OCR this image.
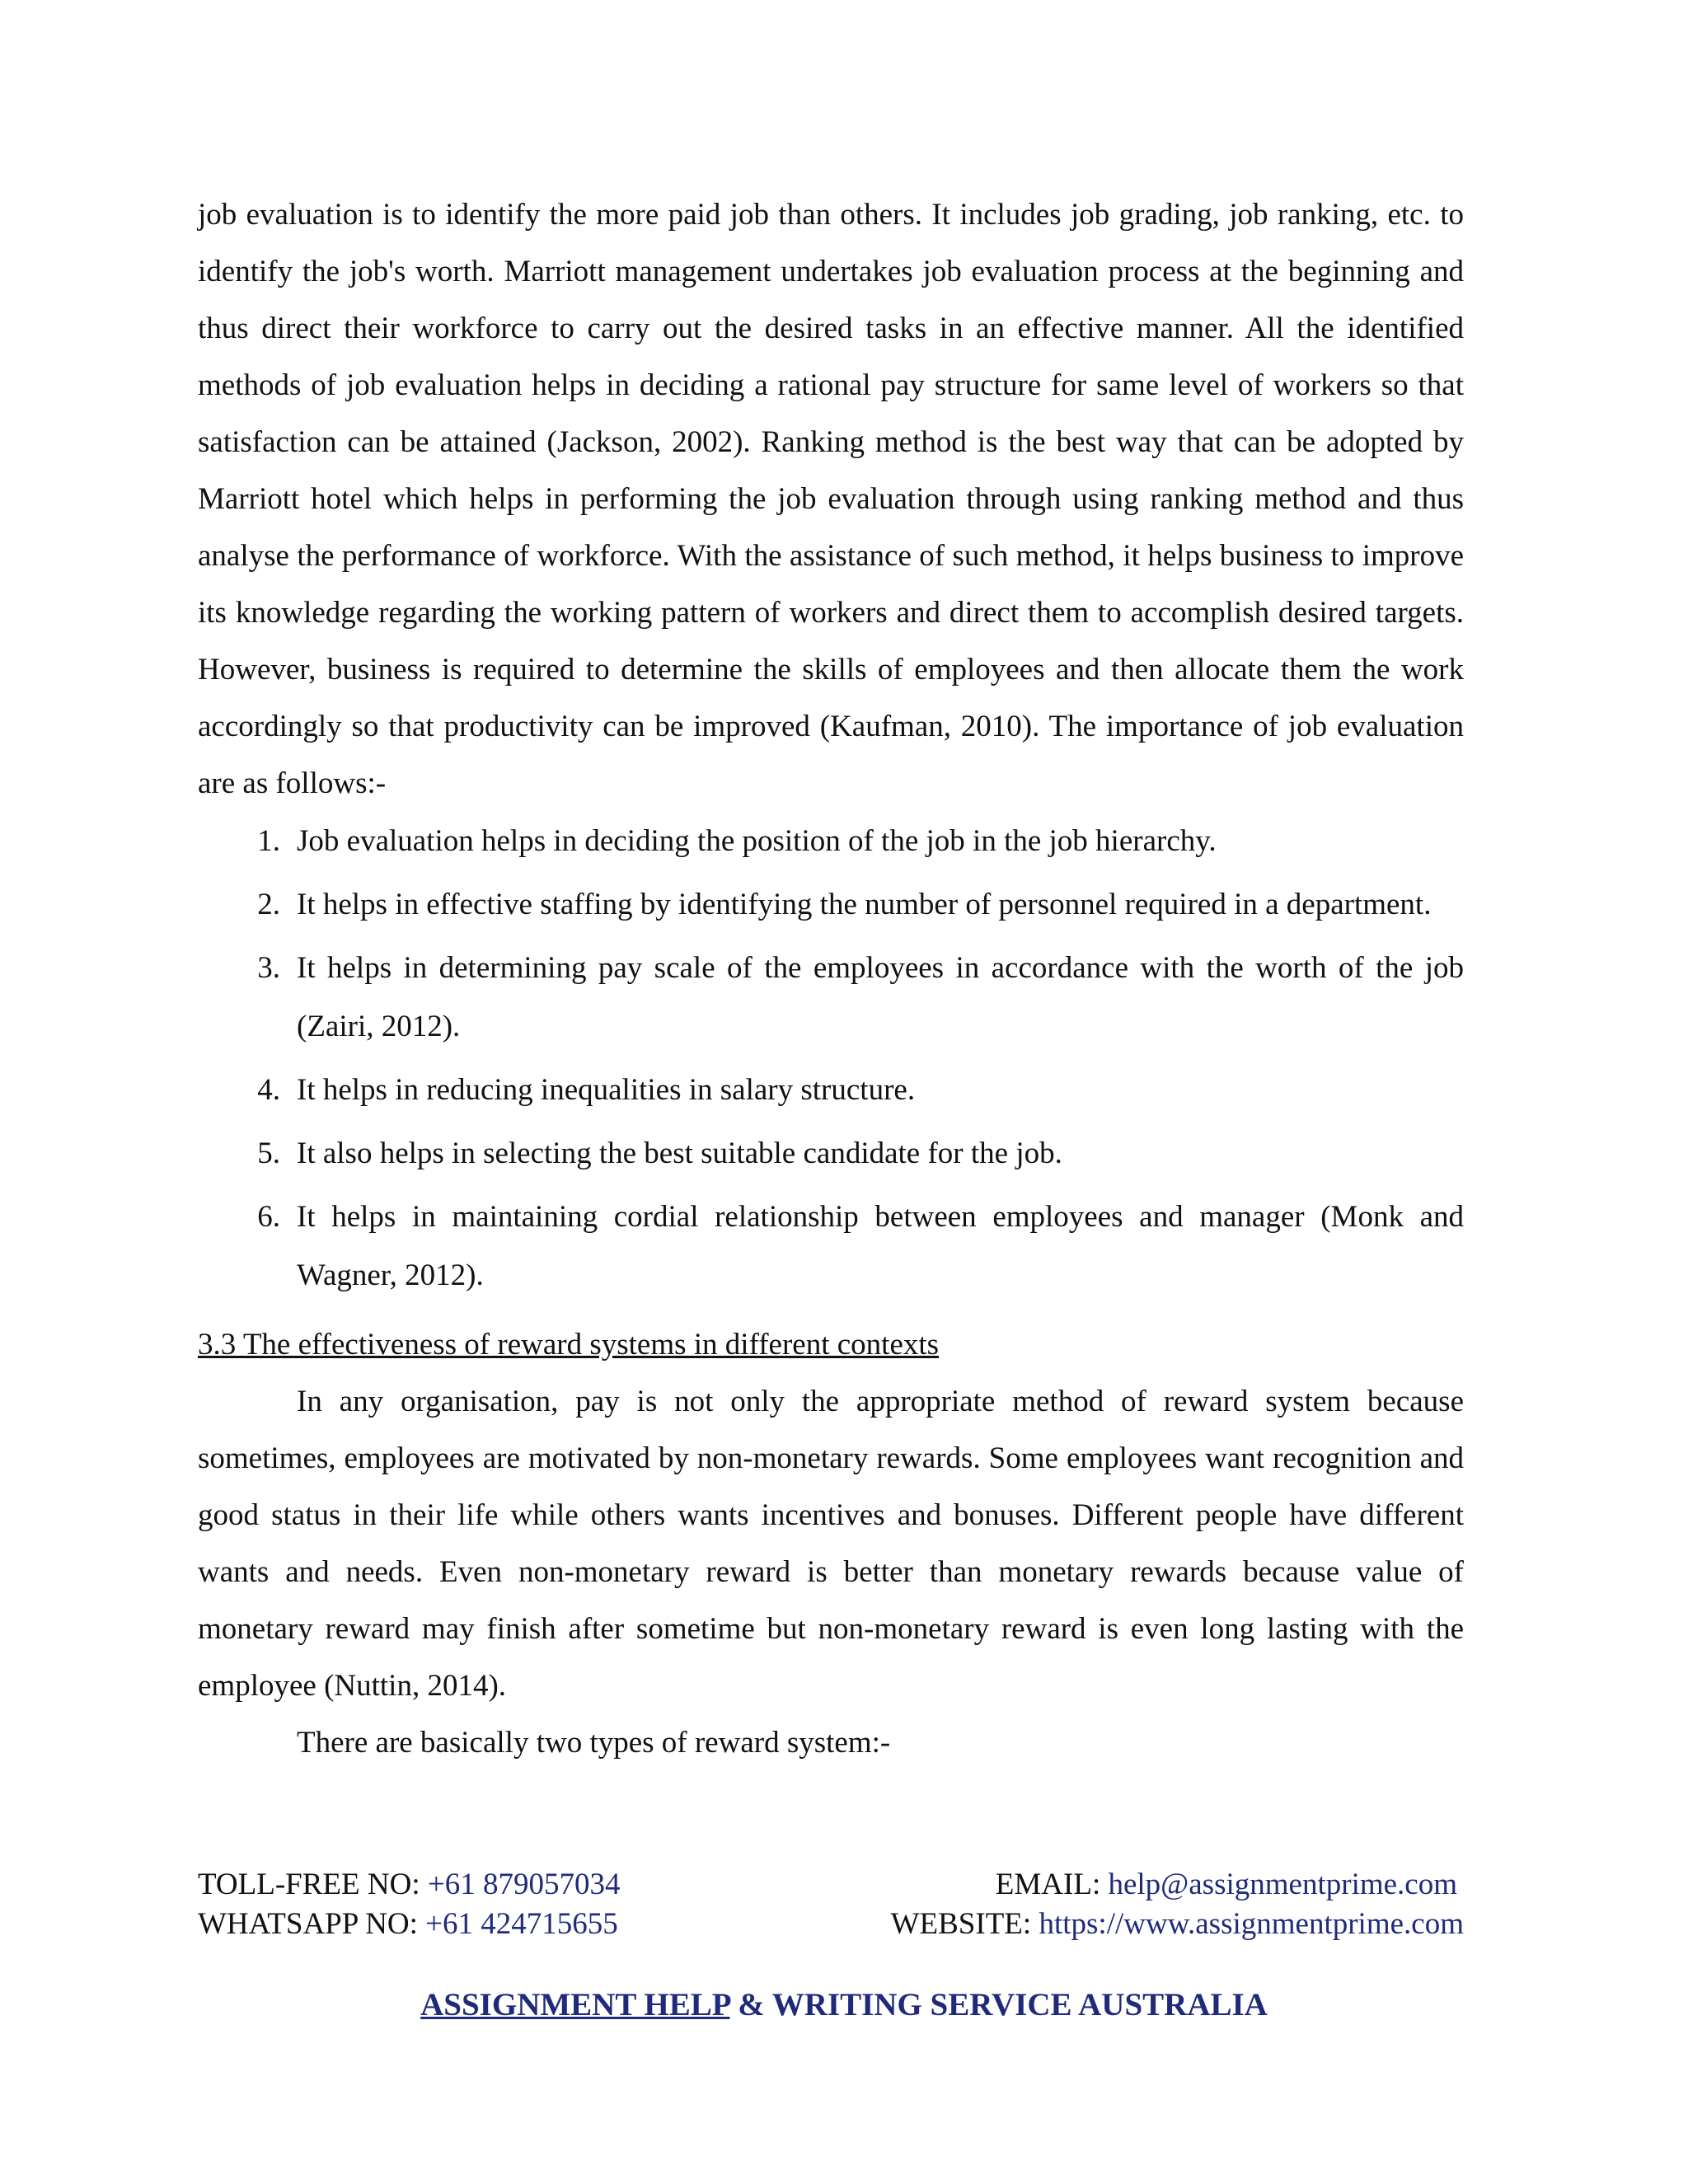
job evaluation is to identify the more paid job than others. It includes job grading, job ranking, etc. to identify the job's worth. Marriott management undertakes job evaluation process at the beginning and thus direct their workforce to carry out the desired tasks in an effective manner. All the identified methods of job evaluation helps in deciding a rational pay structure for same level of workers so that satisfaction can be attained (Jackson, 2002). Ranking method is the best way that can be adopted by Marriott hotel which helps in performing the job evaluation through using ranking method and thus analyse the performance of workforce. With the assistance of such method, it helps business to improve its knowledge regarding the working pattern of workers and direct them to accomplish desired targets. However, business is required to determine the skills of employees and then allocate them the work accordingly so that productivity can be improved (Kaufman, 2010). The importance of job evaluation are as follows:-

1. Job evaluation helps in deciding the position of the job in the job hierarchy.
2. It helps in effective staffing by identifying the number of personnel required in a department.
3. It helps in determining pay scale of the employees in accordance with the worth of the job (Zairi, 2012).
4. It helps in reducing inequalities in salary structure.
5. It also helps in selecting the best suitable candidate for the job.
6. It helps in maintaining cordial relationship between employees and manager (Monk and Wagner, 2012).

3.3 The effectiveness of reward systems in different contexts

In any organisation, pay is not only the appropriate method of reward system because sometimes, employees are motivated by non-monetary rewards. Some employees want recognition and good status in their life while others wants incentives and bonuses. Different people have different wants and needs. Even non-monetary reward is better than monetary rewards because value of monetary reward may finish after sometime but non-monetary reward is even long lasting with the employee (Nuttin, 2014).

There are basically two types of reward system:-

TOLL-FREE NO: +61 879057034	EMAIL: help@assignmentprime.com
WHATSAPP NO: +61 424715655	WEBSITE: https://www.assignmentprime.com
ASSIGNMENT HELP & WRITING SERVICE AUSTRALIA
